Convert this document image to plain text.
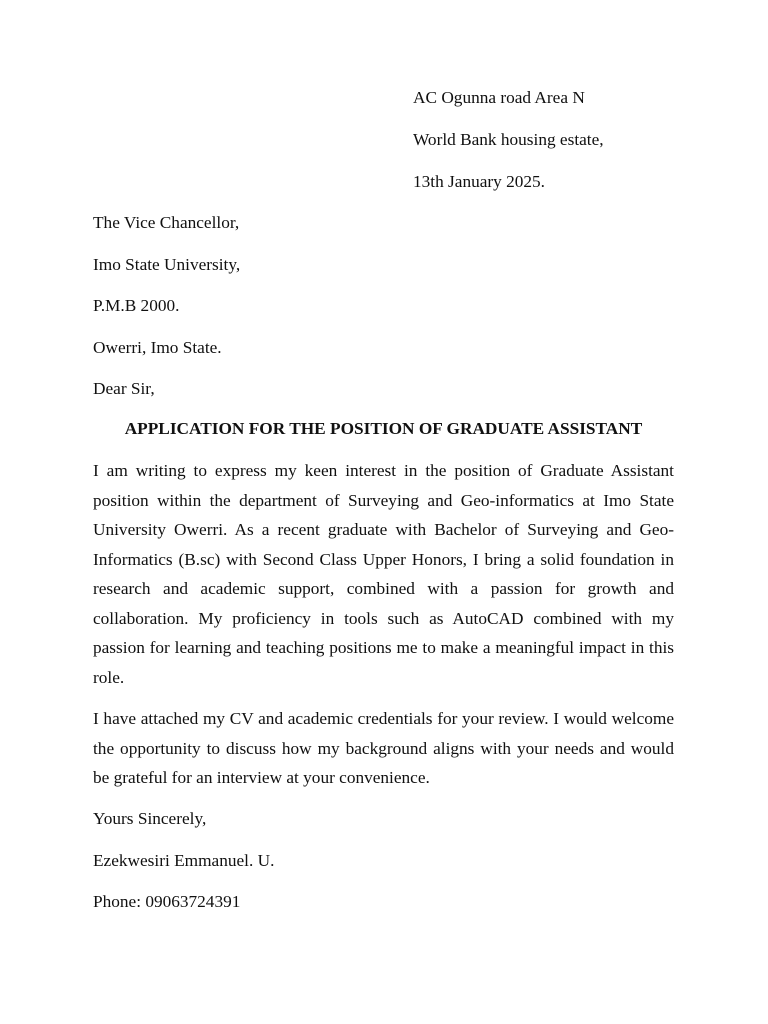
AC Ogunna road Area N
World Bank housing estate,
13th January 2025.
The Vice Chancellor,
Imo State University,
P.M.B 2000.
Owerri, Imo State.
Dear Sir,
APPLICATION FOR THE POSITION OF GRADUATE ASSISTANT
I am writing to express my keen interest in the position of Graduate Assistant position within the department of Surveying and Geo-informatics at Imo State University Owerri. As a recent graduate with Bachelor of Surveying and Geo-Informatics (B.sc) with Second Class Upper Honors, I bring a solid foundation in research and academic support, combined with a passion for growth and collaboration. My proficiency in tools such as AutoCAD combined with my passion for learning and teaching positions me to make a meaningful impact in this role.
I have attached my CV and academic credentials for your review. I would welcome the opportunity to discuss how my background aligns with your needs and would be grateful for an interview at your convenience.
Yours Sincerely,
Ezekwesiri Emmanuel. U.
Phone: 09063724391
